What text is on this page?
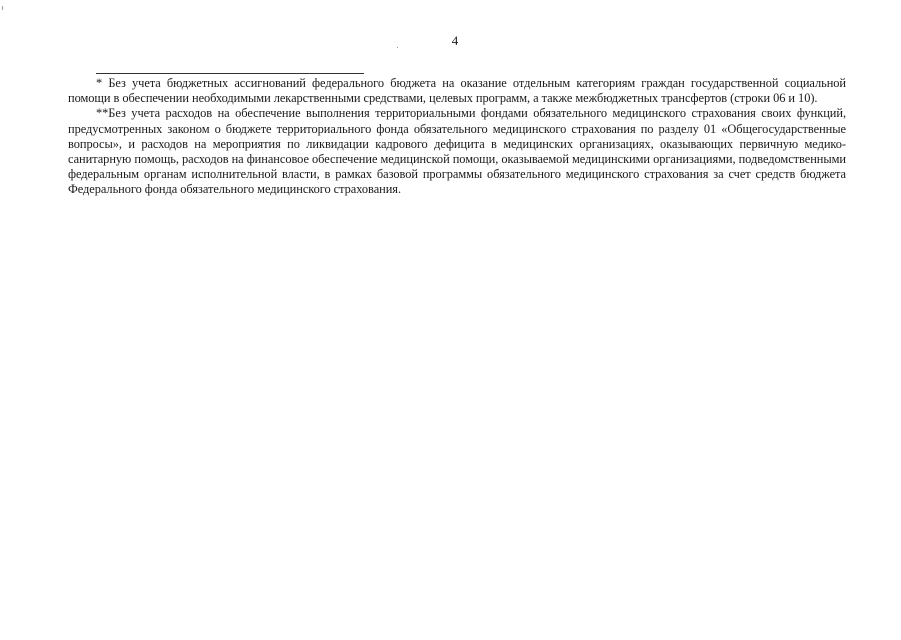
4

* Без учета бюджетных ассигнований федерального бюджета на оказание отдельным категориям граждан государственной социальной помощи в обеспечении необходимыми лекарственными средствами, целевых программ, а также межбюджетных трансфертов (строки 06 и 10).

**Без учета расходов на обеспечение выполнения территориальными фондами обязательного медицинского страхования своих функций, предусмотренных законом о бюджете территориального фонда обязательного медицинского страхования по разделу 01 «Общегосударственные вопросы», и расходов на мероприятия по ликвидации кадрового дефицита в медицинских организациях, оказывающих первичную медико-санитарную помощь, расходов на финансовое обеспечение медицинской помощи, оказываемой медицинскими организациями, подведомственными федеральным органам исполнительной власти, в рамках базовой программы обязательного медицинского страхования за счет средств бюджета Федерального фонда обязательного медицинского страхования.
